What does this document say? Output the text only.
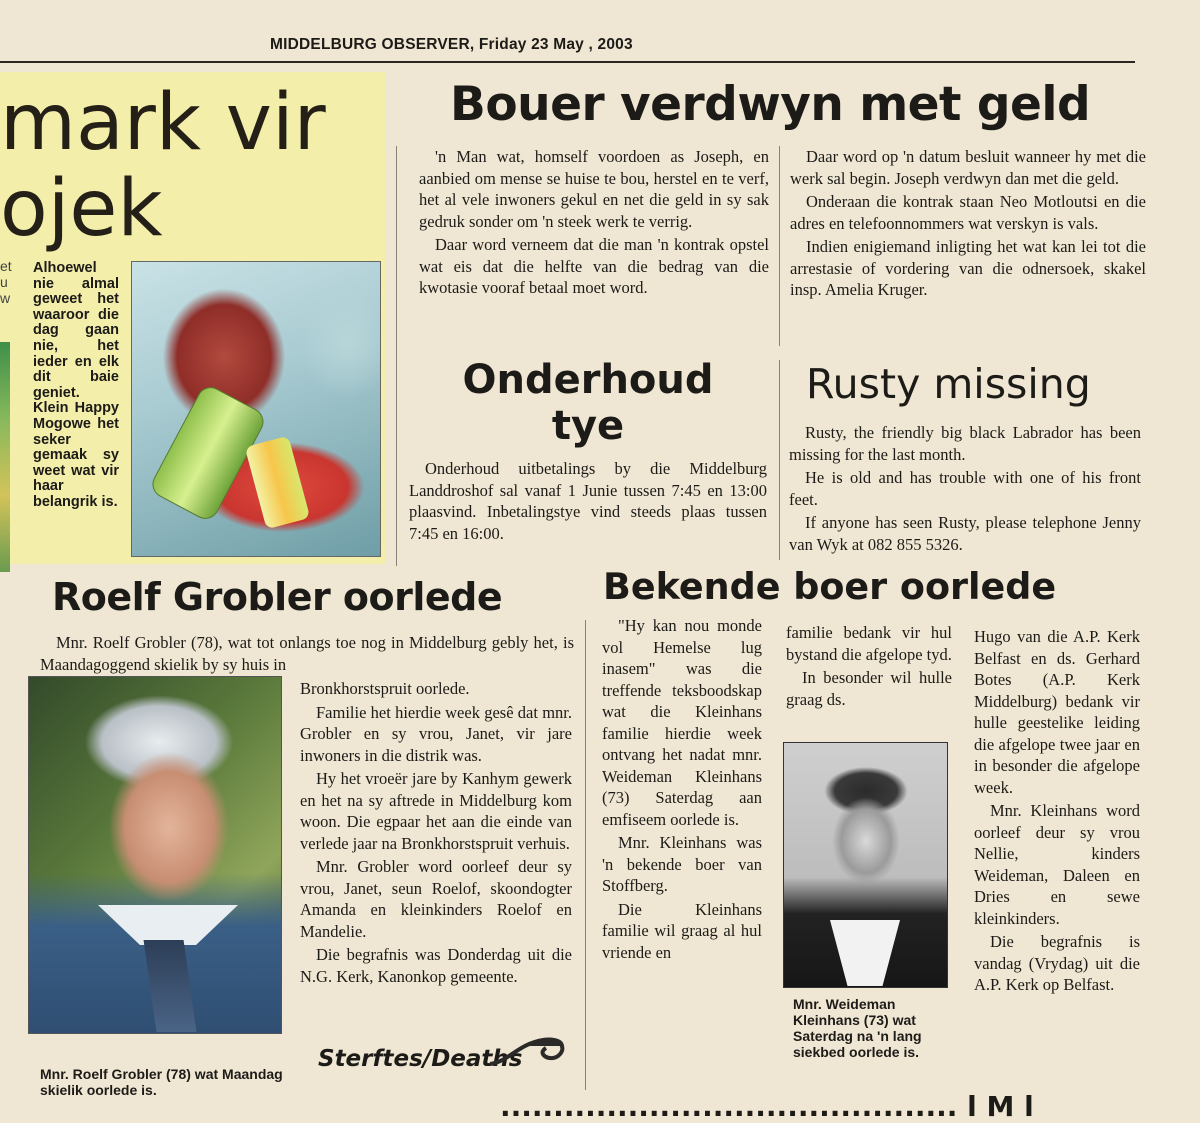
MIDDELBURG OBSERVER, Friday 23 May , 2003
mark vir
ojek
et
u
w
Alhoewel nie almal geweet het waaroor die dag gaan nie, het ieder en elk dit baie geniet. Klein Happy Mogowe het seker gemaak sy weet wat vir haar belangrik is.
Bouer verdwyn met geld

'n Man wat, homself voordoen as Joseph, en aanbied om mense se huise te bou, herstel en te verf, het al vele inwoners gekul en net die geld in sy sak gedruk sonder om 'n steek werk te verrig.

Daar word verneem dat die man 'n kontrak opstel wat eis dat die helfte van die bedrag van die kwotasie vooraf betaal moet word.

Daar word op 'n datum besluit wanneer hy met die werk sal begin. Joseph verdwyn dan met die geld.

Onderaan die kontrak staan Neo Motloutsi en die adres en telefoonnommers wat verskyn is vals.

Indien enigiemand inligting het wat kan lei tot die arrestasie of vordering van die odnersoek, skakel insp. Amelia Kruger.

Onderhoud
tye

Onderhoud uitbetalings by die Middelburg Landdroshof sal vanaf 1 Junie tussen 7:45 en 13:00 plaasvind. Inbetalingstye vind steeds plaas tussen 7:45 en 16:00.

Rusty missing

Rusty, the friendly big black Labrador has been missing for the last month.

He is old and has trouble with one of his front feet.

If anyone has seen Rusty, please telephone Jenny van Wyk at 082 855 5326.

Roelf Grobler oorlede

Mnr. Roelf Grobler (78), wat tot onlangs toe nog in Middelburg gebly het, is Maandagoggend skielik by sy huis in

Bronkhorstspruit oorlede.

Familie het hierdie week gesê dat mnr. Grobler en sy vrou, Janet, vir jare inwoners in die distrik was.

Hy het vroeër jare by Kanhym gewerk en het na sy aftrede in Middelburg kom woon. Die egpaar het aan die einde van verlede jaar na Bronkhorstspruit verhuis.

Mnr. Grobler word oorleef deur sy vrou, Janet, seun Roelof, skoondogter Amanda en kleinkinders Roelof en Mandelie.

Die begrafnis was Donderdag uit die N.G. Kerk, Kanonkop gemeente.

Mnr. Roelf Grobler (78) wat Maandag skielik oorlede is.
Sterftes/Deaths
Bekende boer oorlede

"Hy kan nou monde vol Hemelse lug inasem" was die treffende teksboodskap wat die Kleinhans familie hierdie week ontvang het nadat mnr. Weideman Kleinhans (73) Saterdag aan emfiseem oorlede is.

Mnr. Kleinhans was 'n bekende boer van Stoffberg.

Die Kleinhans familie wil graag al hul vriende en

familie bedank vir hul bystand die afgelope tyd.

In besonder wil hulle graag ds.

Mnr. Weideman Kleinhans (73) wat Saterdag na 'n lang siekbed oorlede is.

Hugo van die A.P. Kerk Belfast en ds. Gerhard Botes (A.P. Kerk Middelburg) bedank vir hulle geestelike leiding die afgelope twee jaar en in besonder die afgelope week.

Mnr. Kleinhans word oorleef deur sy vrou Nellie, kinders Weideman, Daleen en Dries en sewe kleinkinders.

Die begrafnis is vandag (Vrydag) uit die A.P. Kerk op Belfast.

........................................... l M l
